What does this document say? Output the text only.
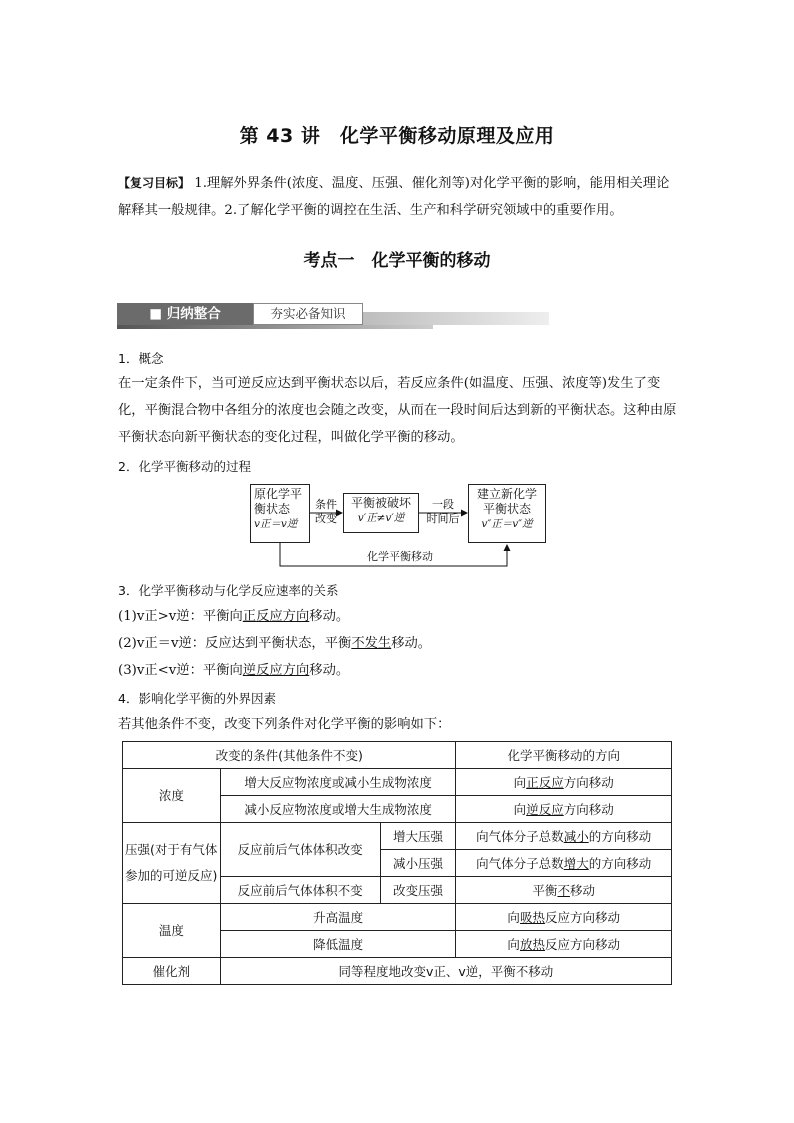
第 43 讲　化学平衡移动原理及应用
【复习目标】 1.理解外界条件(浓度、温度、压强、催化剂等)对化学平衡的影响，能用相关理论解释其一般规律。2.了解化学平衡的调控在生活、生产和科学研究领域中的重要作用。
考点一　化学平衡的移动
■ 归纳整合	夯实必备知识
1．概念
在一定条件下，当可逆反应达到平衡状态以后，若反应条件(如温度、压强、浓度等)发生了变化，平衡混合物中各组分的浓度也会随之改变，从而在一段时间后达到新的平衡状态。这种由原平衡状态向新平衡状态的变化过程，叫做化学平衡的移动。
2．化学平衡移动的过程
原化学平
衡状态
v正＝v逆
条件
改变
平衡被破坏
v′正≠v′逆
一段
时间后
建立新化学
平衡状态
v″正＝v″逆
化学平衡移动
3．化学平衡移动与化学反应速率的关系
(1)v正>v逆：平衡向正反应方向移动。
(2)v正＝v逆：反应达到平衡状态，平衡不发生移动。
(3)v正<v逆：平衡向逆反应方向移动。
4．影响化学平衡的外界因素
若其他条件不变，改变下列条件对化学平衡的影响如下：
改变的条件(其他条件不变)			化学平衡移动的方向
浓度	增大反应物浓度或减小生成物浓度		向正反应方向移动
	减小反应物浓度或增大生成物浓度		向逆反应方向移动
压强(对于有气体参加的可逆反应)	反应前后气体体积改变	增大压强	向气体分子总数减小的方向移动
		减小压强	向气体分子总数增大的方向移动
	反应前后气体体积不变	改变压强	平衡不移动
温度	升高温度		向吸热反应方向移动
	降低温度		向放热反应方向移动
催化剂	同等程度地改变v正、v逆，平衡不移动		
